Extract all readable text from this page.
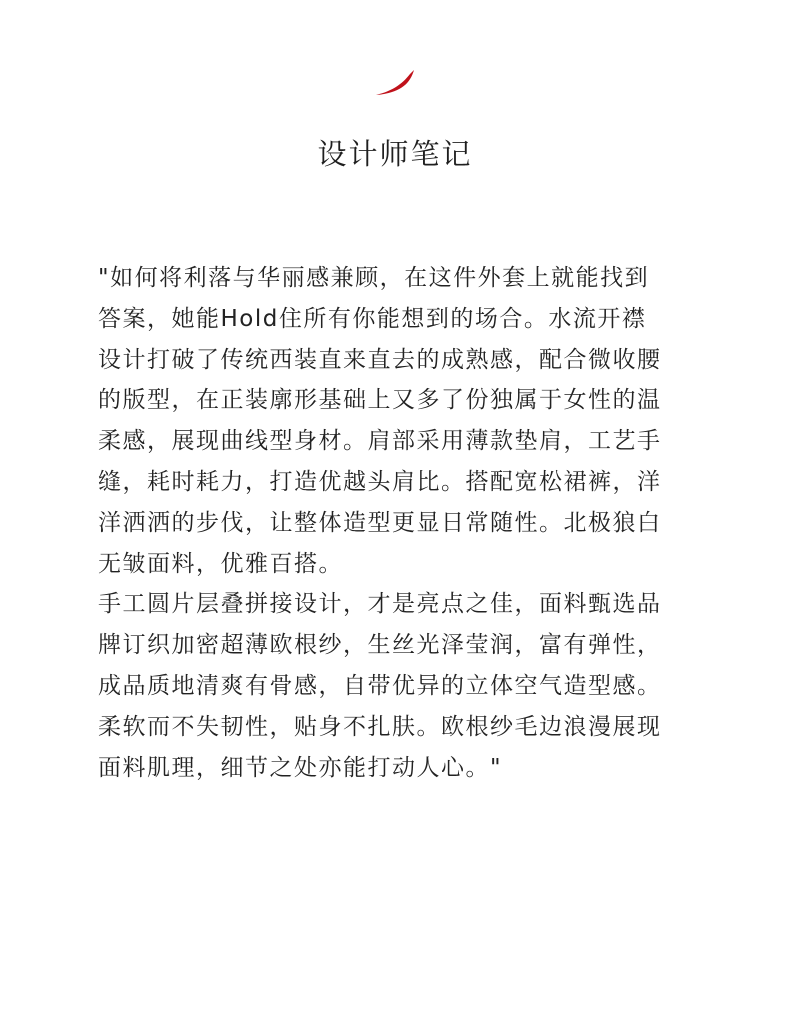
设计师笔记

"如何将利落与华丽感兼顾，在这件外套上就能找到

答案，她能Hold住所有你能想到的场合。水流开襟

设计打破了传统西装直来直去的成熟感，配合微收腰

的版型，在正装廓形基础上又多了份独属于女性的温

柔感，展现曲线型身材。肩部采用薄款垫肩，工艺手

缝，耗时耗力，打造优越头肩比。搭配宽松裙裤，洋

洋洒洒的步伐，让整体造型更显日常随性。北极狼白

无皱面料，优雅百搭。

手工圆片层叠拼接设计，才是亮点之佳，面料甄选品

牌订织加密超薄欧根纱，生丝光泽莹润，富有弹性，

成品质地清爽有骨感，自带优异的立体空气造型感。

柔软而不失韧性，贴身不扎肤。欧根纱毛边浪漫展现

面料肌理，细节之处亦能打动人心。"
